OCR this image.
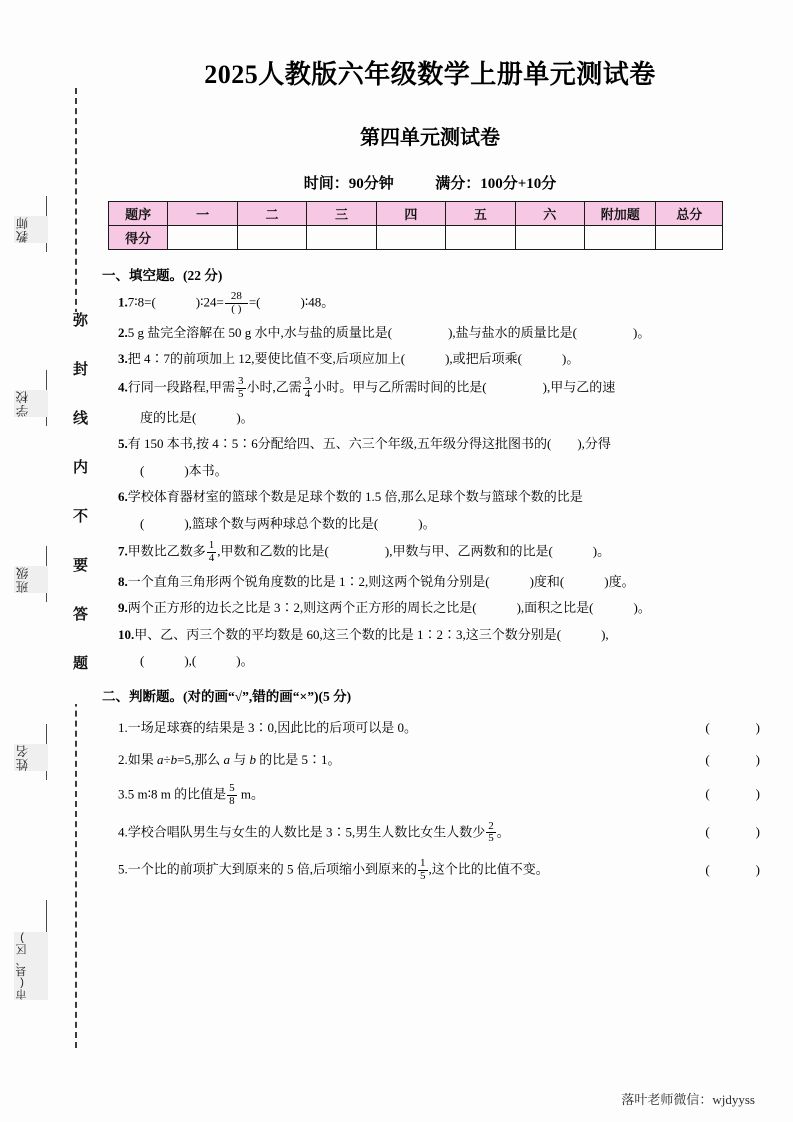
教师
学校
班级
姓名
市(县、区)
弥封线内不要答题
2025人教版六年级数学上册单元测试卷
第四单元测试卷
时间：90分钟	满分：100分+10分
题序	一	二	三	四	五	六	附加题	总分
得分								
一、填空题。(22 分)
1.7∶8=(	)∶24= $\frac{28}{( )}$ =(	)∶48。
2.5 g 盐完全溶解在 50 g 水中,水与盐的质量比是(	),盐与盐水的质量比是(	)。
3.把 4∶7的前项加上 12,要使比值不变,后项应加上(	),或把后项乘(	)。
4.行同一段路程,甲需 $\frac{3}{5}$ 小时,乙需 $\frac{3}{4}$ 小时。甲与乙所需时间的比是(	),甲与乙的速
度的比是(	)。
5.有 150 本书,按 4∶5∶6分配给四、五、六三个年级,五年级分得这批图书的( ),分得
(	)本书。
6.学校体育器材室的篮球个数是足球个数的 1.5 倍,那么足球个数与篮球个数的比是
(	),篮球个数与两种球总个数的比是(	)。
7.甲数比乙数多 $\frac{1}{4}$ ,甲数和乙数的比是(	),甲数与甲、乙两数和的比是(	)。
8.一个直角三角形两个锐角度数的比是 1∶2,则这两个锐角分别是(	)度和(	)度。
9.两个正方形的边长之比是 3∶2,则这两个正方形的周长之比是(	),面积之比是(	)。
10.甲、乙、丙三个数的平均数是 60,这三个数的比是 1∶2∶3,这三个数分别是(	),
(	),(	)。
二、判断题。(对的画“√”,错的画“×”)(5 分)
1.一场足球赛的结果是 3∶0,因此比的后项可以是 0。	(	)
2.如果 a÷b=5,那么 a 与 b 的比是 5∶1。	(	)
3.5 m∶8 m 的比值是 $\frac{5}{8}$ m。	(	)
4.学校合唱队男生与女生的人数比是 3∶5,男生人数比女生人数少 $\frac{2}{5}$ 。	(	)
5.一个比的前项扩大到原来的 5 倍,后项缩小到原来的 $\frac{1}{5}$ ,这个比的比值不变。	(	)
落叶老师微信：wjdyyss
